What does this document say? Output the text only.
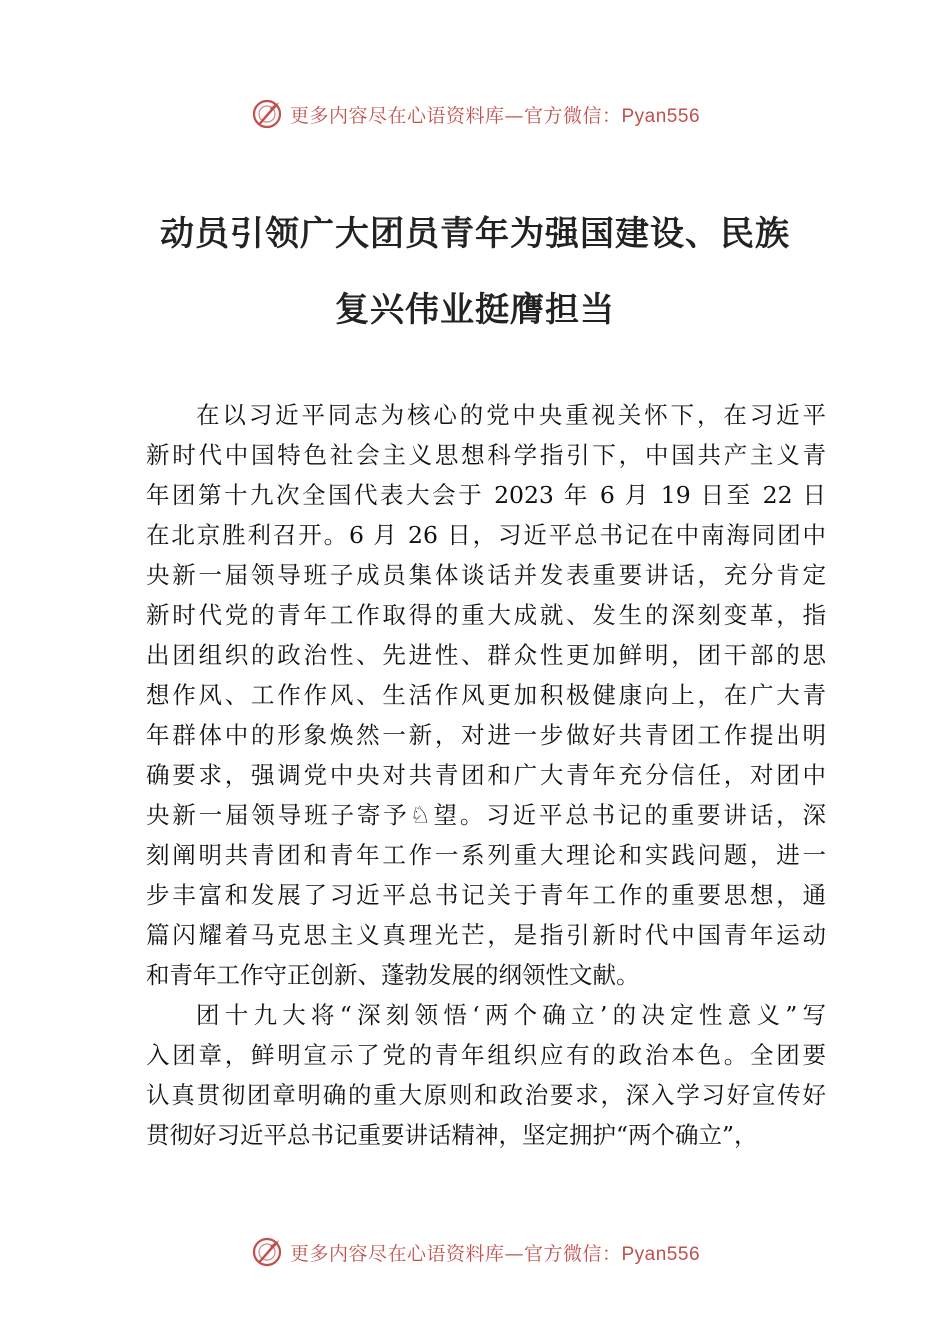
更多内容尽在心语资料库—官方微信：Pyan556
动员引领广大团员青年为强国建设、民族
复兴伟业挺膺担当
在以习近平同志为核心的党中央重视关怀下，在习近平
新时代中国特色社会主义思想科学指引下，中国共产主义青
年团第十九次全国代表大会于 2023 年 6 月 19 日至 22 日
在北京胜利召开。6 月 26 日，习近平总书记在中南海同团中
央新一届领导班子成员集体谈话并发表重要讲话，充分肯定
新时代党的青年工作取得的重大成就、发生的深刻变革，指
出团组织的政治性、先进性、群众性更加鲜明，团干部的思
想作风、工作作风、生活作风更加积极健康向上，在广大青
年群体中的形象焕然一新，对进一步做好共青团工作提出明
确要求，强调党中央对共青团和广大青年充分信任，对团中
央新一届领导班子寄予♘望。习近平总书记的重要讲话，深
刻阐明共青团和青年工作一系列重大理论和实践问题，进一
步丰富和发展了习近平总书记关于青年工作的重要思想，通
篇闪耀着马克思主义真理光芒，是指引新时代中国青年运动
和青年工作守正创新、蓬勃发展的纲领性文献。
团十九大将“深刻领悟‘两个确立’的决定性意义”写
入团章，鲜明宣示了党的青年组织应有的政治本色。全团要
认真贯彻团章明确的重大原则和政治要求，深入学习好宣传好
贯彻好习近平总书记重要讲话精神，坚定拥护“两个确立”，
更多内容尽在心语资料库—官方微信：Pyan556
